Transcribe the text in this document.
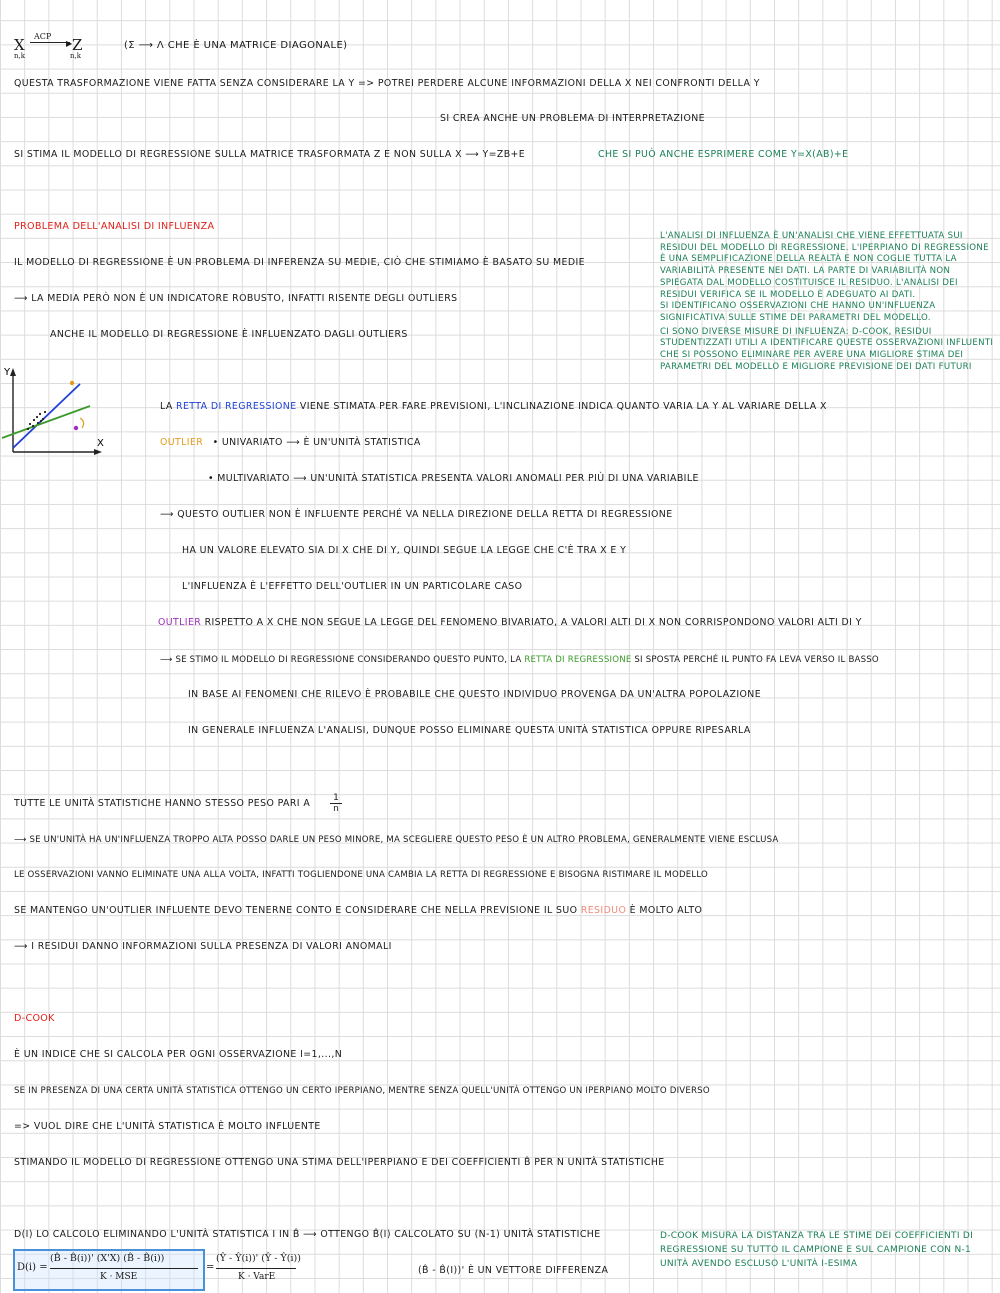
X
n,k
ACP
▶ Z
n,k
(Σ ⟶ Λ CHE È UNA MATRICE DIAGONALE)
QUESTA TRASFORMAZIONE VIENE FATTA SENZA CONSIDERARE LA Y => POTREI PERDERE ALCUNE INFORMAZIONI DELLA X NEI CONFRONTI DELLA Y
SI CREA ANCHE UN PROBLEMA DI INTERPRETAZIONE
SI STIMA IL MODELLO DI REGRESSIONE SULLA MATRICE TRASFORMATA Z E NON SULLA X ⟶ Y=ZB+E	CHE SI PUÒ ANCHE ESPRIMERE COME Y=X(AB)+E
PROBLEMA DELL'ANALISI DI INFLUENZA

L'ANALISI DI INFLUENZA È UN'ANALISI CHE VIENE EFFETTUATA SUI RESIDUI DEL MODELLO DI REGRESSIONE. L'IPERPIANO DI REGRESSIONE È UNA SEMPLIFICAZIONE DELLA REALTÀ E NON COGLIE TUTTA LA VARIABILITÀ PRESENTE NEI DATI. LA PARTE DI VARIABILITÀ NON SPIEGATA DAL MODELLO COSTITUISCE IL RESIDUO. L'ANALISI DEI RESIDUI VERIFICA SE IL MODELLO È ADEGUATO AI DATI.

SI IDENTIFICANO OSSERVAZIONI CHE HANNO UN'INFLUENZA SIGNIFICATIVA SULLE STIME DEI PARAMETRI DEL MODELLO.

CI SONO DIVERSE MISURE DI INFLUENZA: D-COOK, RESIDUI STUDENTIZZATI UTILI A IDENTIFICARE QUESTE OSSERVAZIONI INFLUENTI CHE SI POSSONO ELIMINARE PER AVERE UNA MIGLIORE STIMA DEI PARAMETRI DEL MODELLO E MIGLIORE PREVISIONE DEI DATI FUTURI

IL MODELLO DI REGRESSIONE È UN PROBLEMA DI INFERENZA SU MEDIE, CIÒ CHE STIMIAMO È BASATO SU MEDIE
⟶ LA MEDIA PERÒ NON È UN INDICATORE ROBUSTO, INFATTI RISENTE DEGLI OUTLIERS
ANCHE IL MODELLO DI REGRESSIONE È INFLUENZATO DAGLI OUTLIERS
Y
X
LA RETTA DI REGRESSIONE VIENE STIMATA PER FARE PREVISIONI, L'INCLINAZIONE INDICA QUANTO VARIA LA Y AL VARIARE DELLA X
OUTLIER • UNIVARIATO ⟶ È UN'UNITÀ STATISTICA
• MULTIVARIATO ⟶ UN'UNITÀ STATISTICA PRESENTA VALORI ANOMALI PER PIÙ DI UNA VARIABILE
⟶ QUESTO OUTLIER NON È INFLUENTE PERCHÉ VA NELLA DIREZIONE DELLA RETTA DI REGRESSIONE
HA UN VALORE ELEVATO SIA DI X CHE DI Y, QUINDI SEGUE LA LEGGE CHE C'È TRA X E Y
L'INFLUENZA È L'EFFETTO DELL'OUTLIER IN UN PARTICOLARE CASO
OUTLIER RISPETTO A X CHE NON SEGUE LA LEGGE DEL FENOMENO BIVARIATO, A VALORI ALTI DI X NON CORRISPONDONO VALORI ALTI DI Y
⟶ SE STIMO IL MODELLO DI REGRESSIONE CONSIDERANDO QUESTO PUNTO, LA RETTA DI REGRESSIONE SI SPOSTA PERCHÉ IL PUNTO FA LEVA VERSO IL BASSO
IN BASE AI FENOMENI CHE RILEVO È PROBABILE CHE QUESTO INDIVIDUO PROVENGA DA UN'ALTRA POPOLAZIONE
IN GENERALE INFLUENZA L'ANALISI, DUNQUE POSSO ELIMINARE QUESTA UNITÀ STATISTICA OPPURE RIPESARLA
TUTTE LE UNITÀ STATISTICHE HANNO STESSO PESO PARI A	1
n
⟶ SE UN'UNITÀ HA UN'INFLUENZA TROPPO ALTA POSSO DARLE UN PESO MINORE, MA SCEGLIERE QUESTO PESO È UN ALTRO PROBLEMA, GENERALMENTE VIENE ESCLUSA
LE OSSERVAZIONI VANNO ELIMINATE UNA ALLA VOLTA, INFATTI TOGLIENDONE UNA CAMBIA LA RETTA DI REGRESSIONE E BISOGNA RISTIMARE IL MODELLO
SE MANTENGO UN'OUTLIER INFLUENTE DEVO TENERNE CONTO E CONSIDERARE CHE NELLA PREVISIONE IL SUO RESIDUO È MOLTO ALTO
⟶ I RESIDUI DANNO INFORMAZIONI SULLA PRESENZA DI VALORI ANOMALI
D-COOK
È UN INDICE CHE SI CALCOLA PER OGNI OSSERVAZIONE I=1,...,N
SE IN PRESENZA DI UNA CERTA UNITÀ STATISTICA OTTENGO UN CERTO IPERPIANO, MENTRE SENZA QUELL'UNITÀ OTTENGO UN IPERPIANO MOLTO DIVERSO
=> VUOL DIRE CHE L'UNITÀ STATISTICA È MOLTO INFLUENTE
STIMANDO IL MODELLO DI REGRESSIONE OTTENGO UNA STIMA DELL'IPERPIANO E DEI COEFFICIENTI B̂ PER N UNITÀ STATISTICHE
D(I) LO CALCOLO ELIMINANDO L'UNITÀ STATISTICA I IN B̂ ⟶ OTTENGO B̂(I) CALCOLATO SU (N-1) UNITÀ STATISTICHE	D-COOK MISURA LA DISTANZA TRA LE STIME DEI COEFFICIENTI DI REGRESSIONE SU TUTTO IL CAMPIONE E SUL CAMPIONE CON N-1 UNITÀ AVENDO ESCLUSO L'UNITÀ I-ESIMA
D(i) =
(B̂ - B̂(i))' (X'X) (B̂ - B̂(i))
K · MSE
=
(Ŷ - Ŷ(i))' (Ŷ - Ŷ(i))
K · VarE
(B̂ - B̂(I))' È UN VETTORE DIFFERENZA
